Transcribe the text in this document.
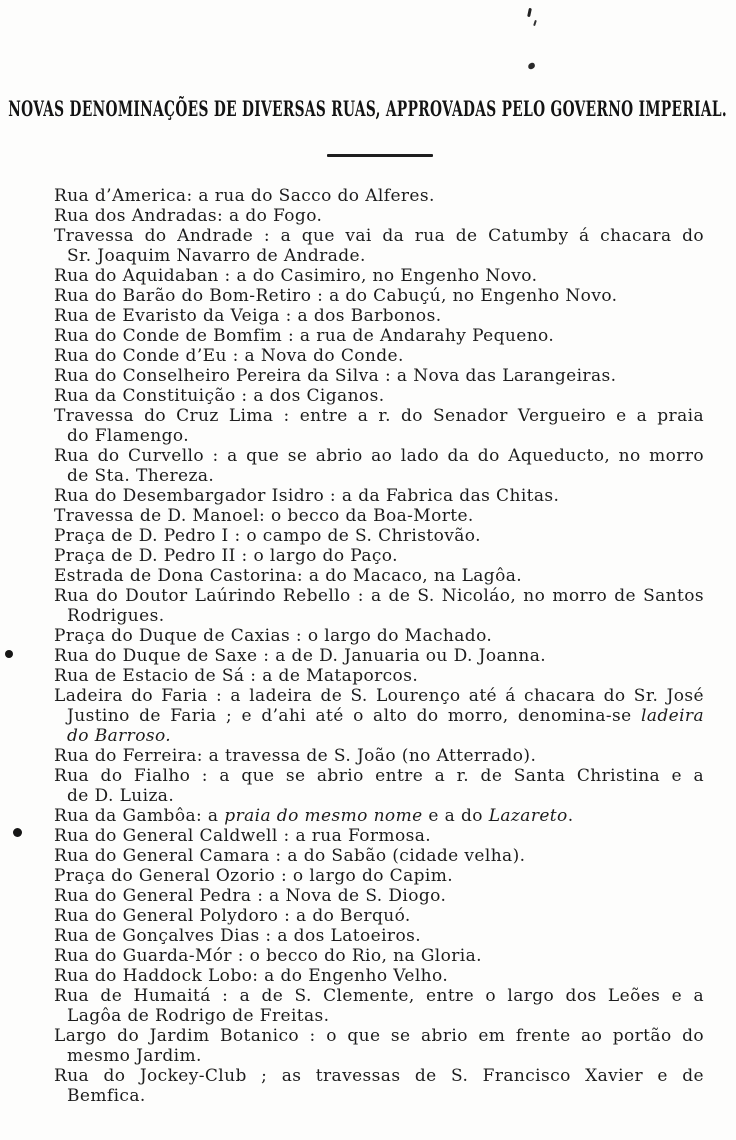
NOVAS DENOMINAÇÕES DE DIVERSAS RUAS, APPROVADAS PELO GOVERNO IMPERIAL.
Rua d’America: a rua do Sacco do Alferes.
Rua dos Andradas: a do Fogo.
Travessa do Andrade : a que vai da rua de Catumby á chacara do
Sr. Joaquim Navarro de Andrade.
Rua do Aquidaban : a do Casimiro, no Engenho Novo.
Rua do Barão do Bom-Retiro : a do Cabuçú, no Engenho Novo.
Rua de Evaristo da Veiga : a dos Barbonos.
Rua do Conde de Bomfim : a rua de Andarahy Pequeno.
Rua do Conde d’Eu : a Nova do Conde.
Rua do Conselheiro Pereira da Silva : a Nova das Larangeiras.
Rua da Constituição : a dos Ciganos.
Travessa do Cruz Lima : entre a r. do Senador Vergueiro e a praia
do Flamengo.
Rua do Curvello : a que se abrio ao lado da do Aqueducto, no morro
de Sta. Thereza.
Rua do Desembargador Isidro : a da Fabrica das Chitas.
Travessa de D. Manoel: o becco da Boa-Morte.
Praça de D. Pedro I : o campo de S. Christovão.
Praça de D. Pedro II : o largo do Paço.
Estrada de Dona Castorina: a do Macaco, na Lagôa.
Rua do Doutor Laúrindo Rebello : a de S. Nicoláo, no morro de Santos
Rodrigues.
Praça do Duque de Caxias : o largo do Machado.
Rua do Duque de Saxe : a de D. Januaria ou D. Joanna.
Rua de Estacio de Sá : a de Mataporcos.
Ladeira do Faria : a ladeira de S. Lourenço até á chacara do Sr. José
Justino de Faria ; e d’ahi até o alto do morro, denomina-se ladeira
do Barroso.
Rua do Ferreira: a travessa de S. João (no Atterrado).
Rua do Fialho : a que se abrio entre a r. de Santa Christina e a
de D. Luiza.
Rua da Gambôa: a praia do mesmo nome e a do Lazareto.
Rua do General Caldwell : a rua Formosa.
Rua do General Camara : a do Sabão (cidade velha).
Praça do General Ozorio : o largo do Capim.
Rua do General Pedra : a Nova de S. Diogo.
Rua do General Polydoro : a do Berquó.
Rua de Gonçalves Dias : a dos Latoeiros.
Rua do Guarda-Mór : o becco do Rio, na Gloria.
Rua do Haddock Lobo: a do Engenho Velho.
Rua de Humaitá : a de S. Clemente, entre o largo dos Leões e a
Lagôa de Rodrigo de Freitas.
Largo do Jardim Botanico : o que se abrio em frente ao portão do
mesmo Jardim.
Rua do Jockey-Club ; as travessas de S. Francisco Xavier e de
Bemfica.
